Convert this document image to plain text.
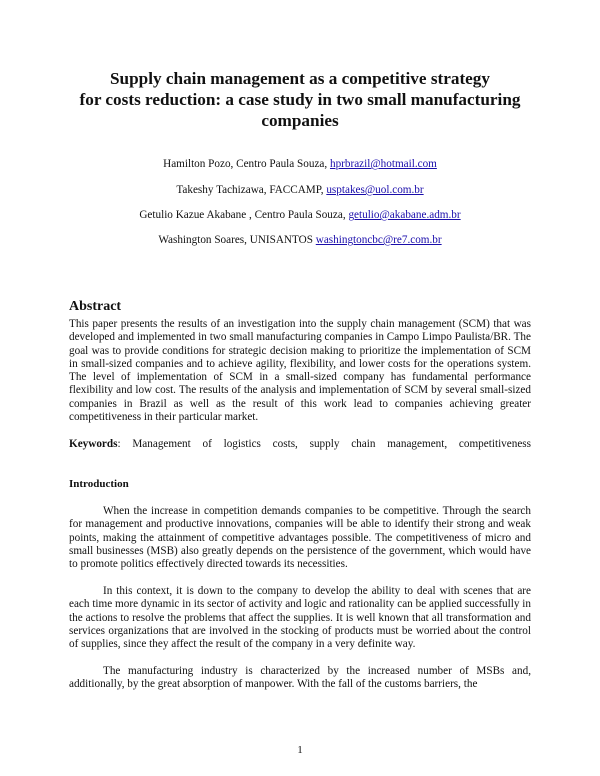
Supply chain management as a competitive strategy
for costs reduction: a case study in two small manufacturing
companies
Hamilton Pozo, Centro Paula Souza, hprbrazil@hotmail.com
Takeshy Tachizawa, FACCAMP, usptakes@uol.com.br
Getulio Kazue Akabane , Centro Paula Souza, getulio@akabane.adm.br
Washington Soares, UNISANTOS washingtoncbc@re7.com.br
Abstract

This paper presents the results of an investigation into the supply chain management (SCM) that was developed and implemented in two small manufacturing companies in Campo Limpo Paulista/BR. The goal was to provide conditions for strategic decision making to prioritize the implementation of SCM in small-sized companies and to achieve agility, flexibility, and lower costs for the operations system. The level of implementation of SCM in a small-sized company has fundamental performance flexibility and low cost. The results of the analysis and implementation of SCM by several small-sized companies in Brazil as well as the result of this work lead to companies achieving greater competitiveness in their particular market.

Keywords: Management of logistics costs, supply chain management, competitiveness

Introduction

When the increase in competition demands companies to be competitive. Through the search for management and productive innovations, companies will be able to identify their strong and weak points, making the attainment of competitive advantages possible. The competitiveness of micro and small businesses (MSB) also greatly depends on the persistence of the government, which would have to promote politics effectively directed towards its necessities.

In this context, it is down to the company to develop the ability to deal with scenes that are each time more dynamic in its sector of activity and logic and rationality can be applied successfully in the actions to resolve the problems that affect the supplies. It is well known that all transformation and services organizations that are involved in the stocking of products must be worried about the control of supplies, since they affect the result of the company in a very definite way.

The manufacturing industry is characterized by the increased number of MSBs and, additionally, by the great absorption of manpower. With the fall of the customs barriers, the

1
